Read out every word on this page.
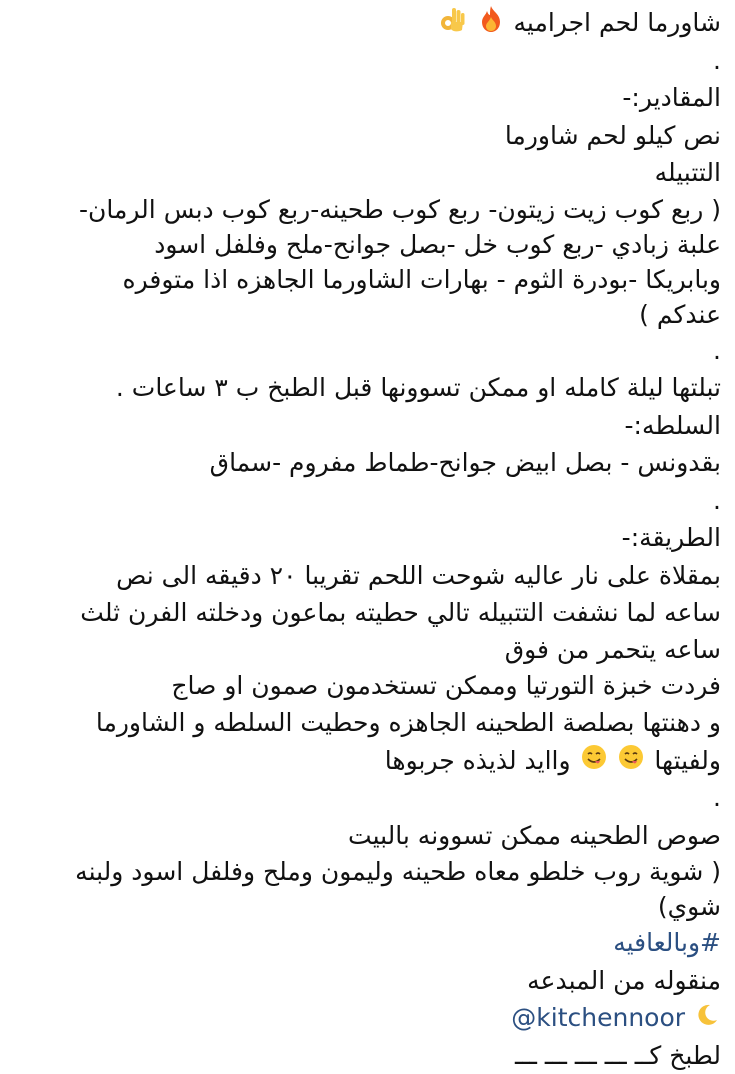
شاورما لحم اجراميه
.
المقادير:-
نص كيلو لحم شاورما
التتبيله
( ربع كوب زيت زيتون- ربع كوب طحينه-ربع كوب دبس الرمان-
علبة زبادي -ربع كوب خل -بصل جوانح-ملح وفلفل اسود
وبابريكا -بودرة الثوم - بهارات الشاورما الجاهزه اذا متوفره
عندكم )
.
تبلتها ليلة كامله او ممكن تسوونها قبل الطبخ ب ٣ ساعات .
السلطه:-
بقدونس - بصل ابيض جوانح-طماط مفروم -سماق
.
الطريقة:-
بمقلاة على نار عاليه شوحت اللحم تقريبا ٢٠ دقيقه الى نص
ساعه لما نشفت التتبيله تالي حطيته بماعون ودخلته الفرن ثلث
ساعه يتحمر من فوق
فردت خبزة التورتيا وممكن تستخدمون صمون او صاج
و دهنتها بصلصة الطحينه الجاهزه وحطيت السلطه و الشاورما
ولفيتها   واايد لذيذه جربوها
.
صوص الطحينه ممكن تسوونه بالبيت
( شوية روب خلطو معاه طحينه وليمون وملح وفلفل اسود ولبنه
شوي)
#وبالعافيه
منقوله من المبدعه
@kitchennoor
لطبخ كــ ـــ ـــ ـــ ـــ
